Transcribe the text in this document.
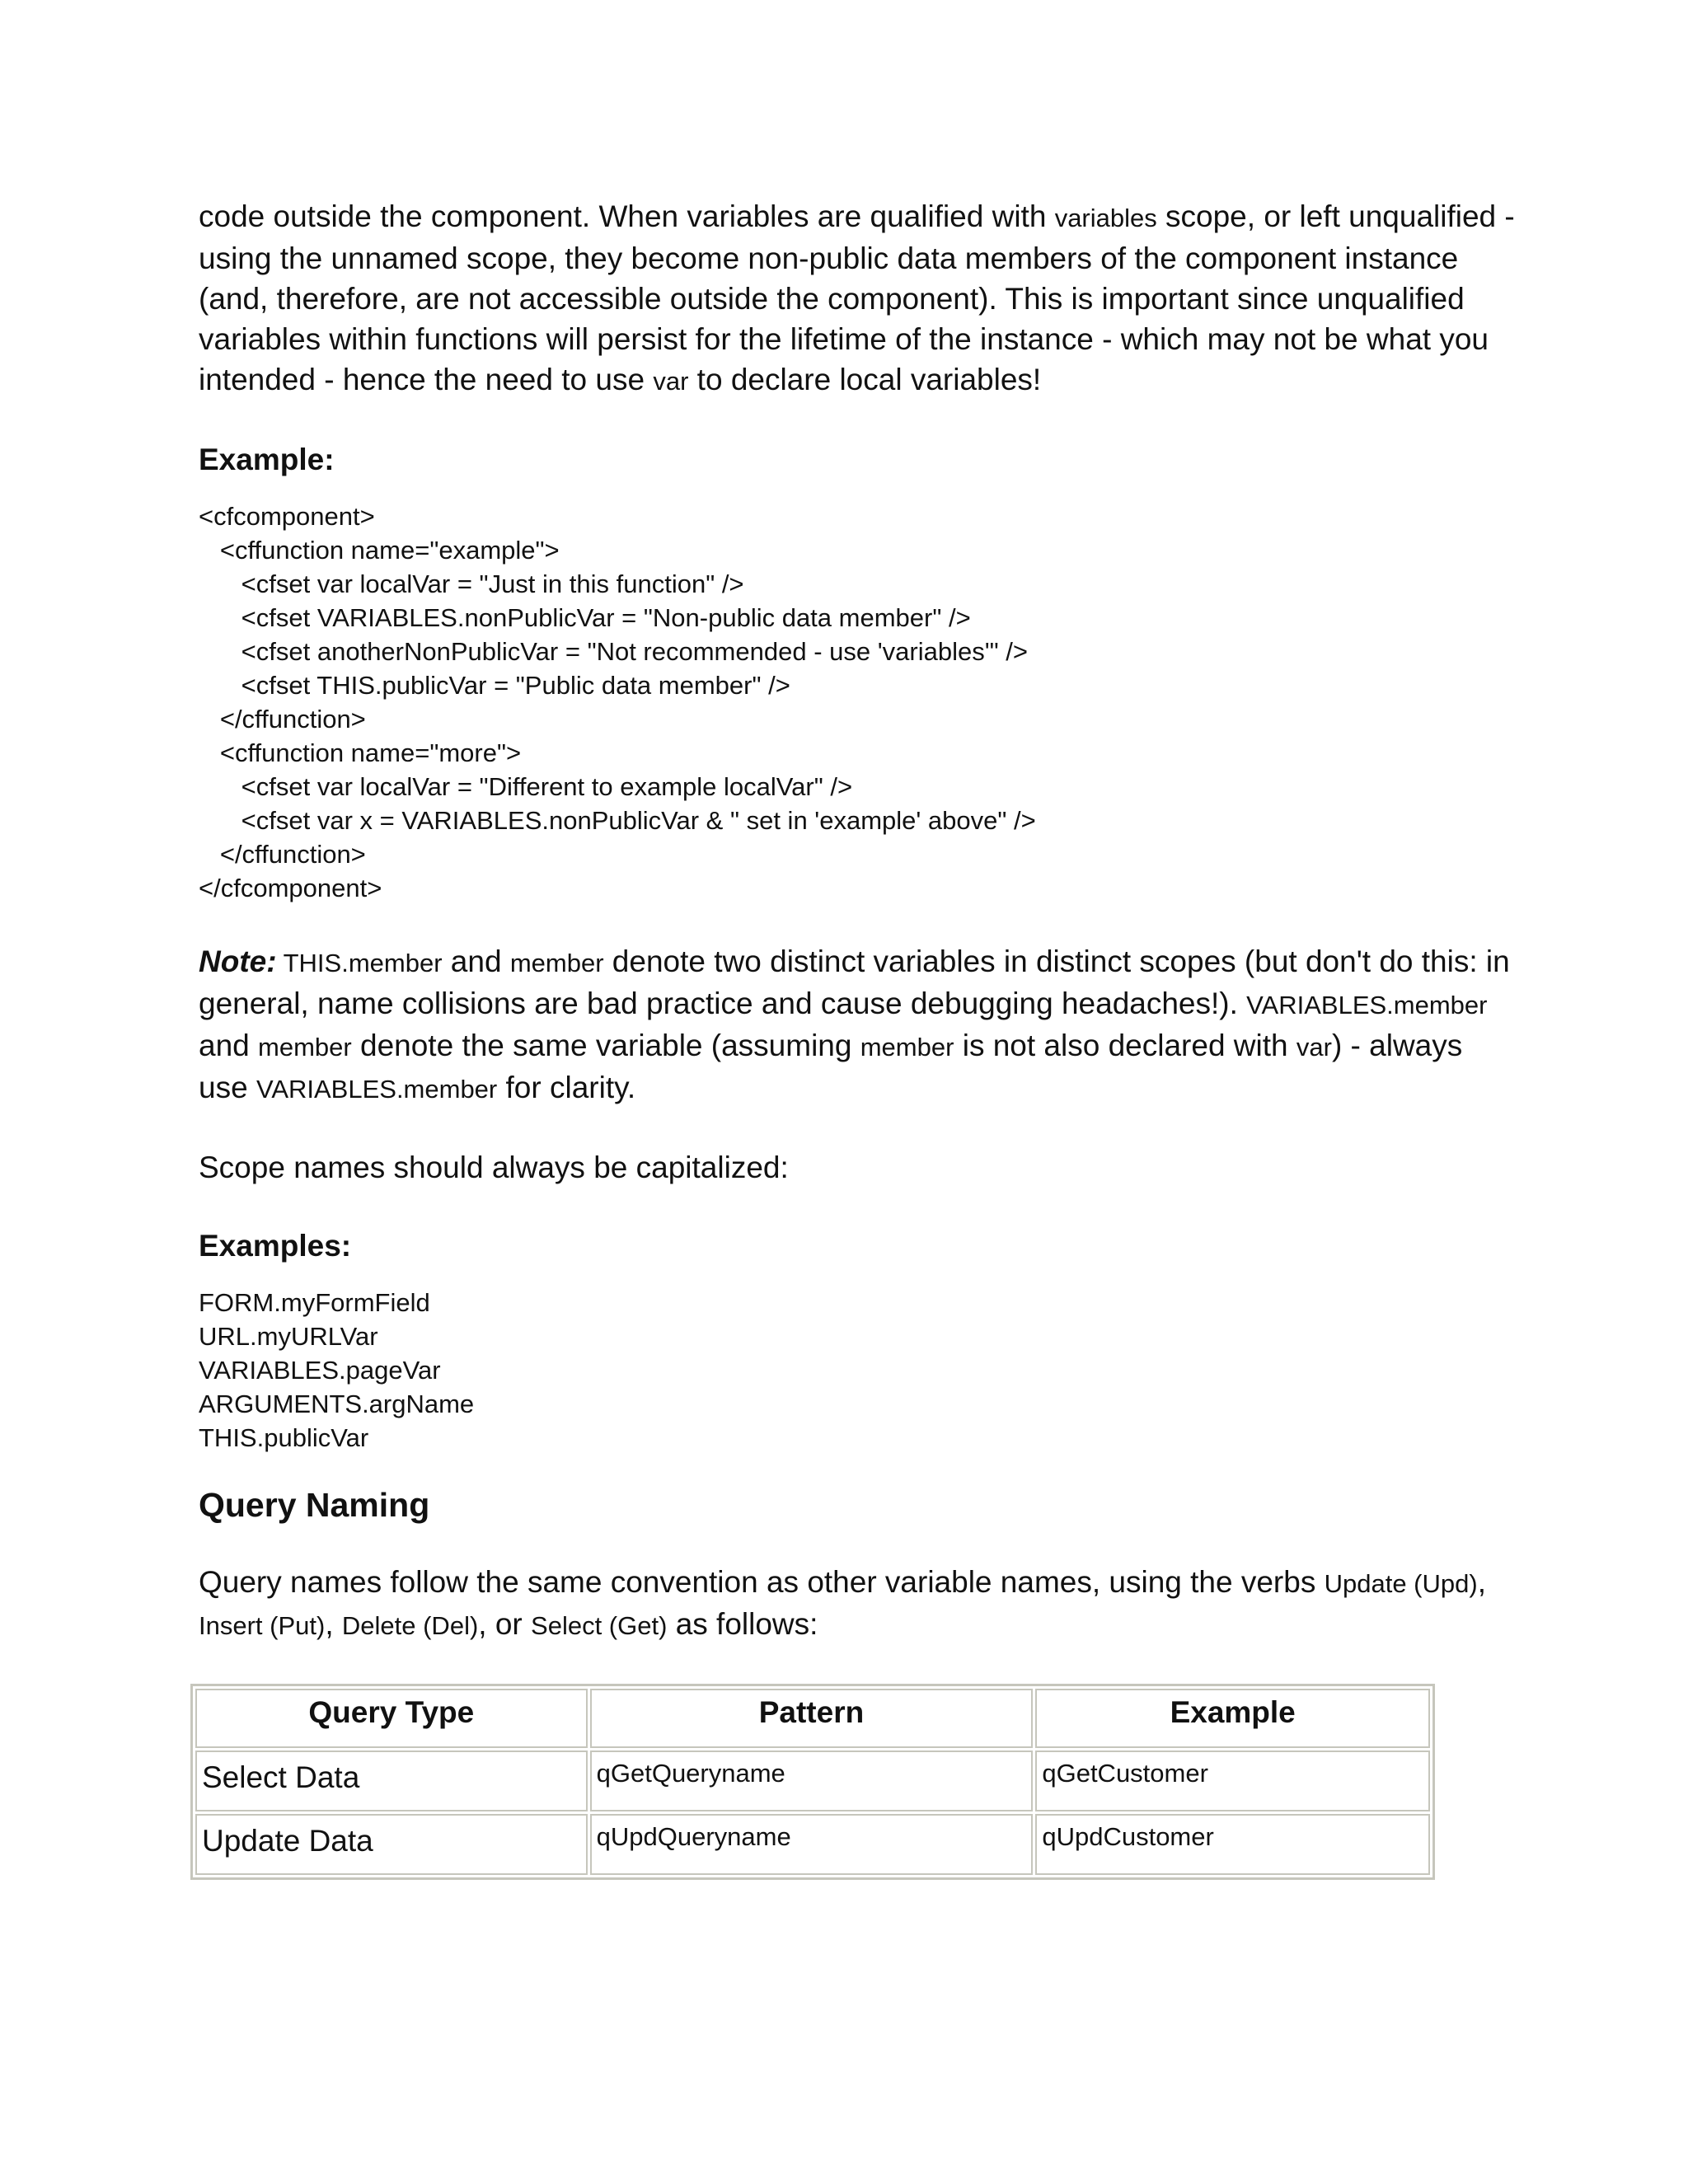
code outside the component. When variables are qualified with variables scope, or left unqualified - using the unnamed scope, they become non-public data members of the component instance (and, therefore, are not accessible outside the component). This is important since unqualified variables within functions will persist for the lifetime of the instance - which may not be what you intended - hence the need to use var to declare local variables!

Example:
<cfcomponent>
<cffunction name="example">
<cfset var localVar = "Just in this function" />
<cfset VARIABLES.nonPublicVar = "Non-public data member" />
<cfset anotherNonPublicVar = "Not recommended - use 'variables'" />
<cfset THIS.publicVar = "Public data member" />
</cffunction>
<cffunction name="more">
<cfset var localVar = "Different to example localVar" />
<cfset var x = VARIABLES.nonPublicVar & " set in 'example' above" />
</cffunction>
</cfcomponent>

Note: THIS.member and member denote two distinct variables in distinct scopes (but don't do this: in general, name collisions are bad practice and cause debugging headaches!). VARIABLES.member and member denote the same variable (assuming member is not also declared with var) - always use VARIABLES.member for clarity.

Scope names should always be capitalized:

Examples:
FORM.myFormField
URL.myURLVar
VARIABLES.pageVar
ARGUMENTS.argName
THIS.publicVar
Query Naming

Query names follow the same convention as other variable names, using the verbs Update (Upd), Insert (Put), Delete (Del), or Select (Get) as follows:

Query Type	Pattern	Example
Select Data	qGetQueryname	qGetCustomer
Update Data	qUpdQueryname	qUpdCustomer
